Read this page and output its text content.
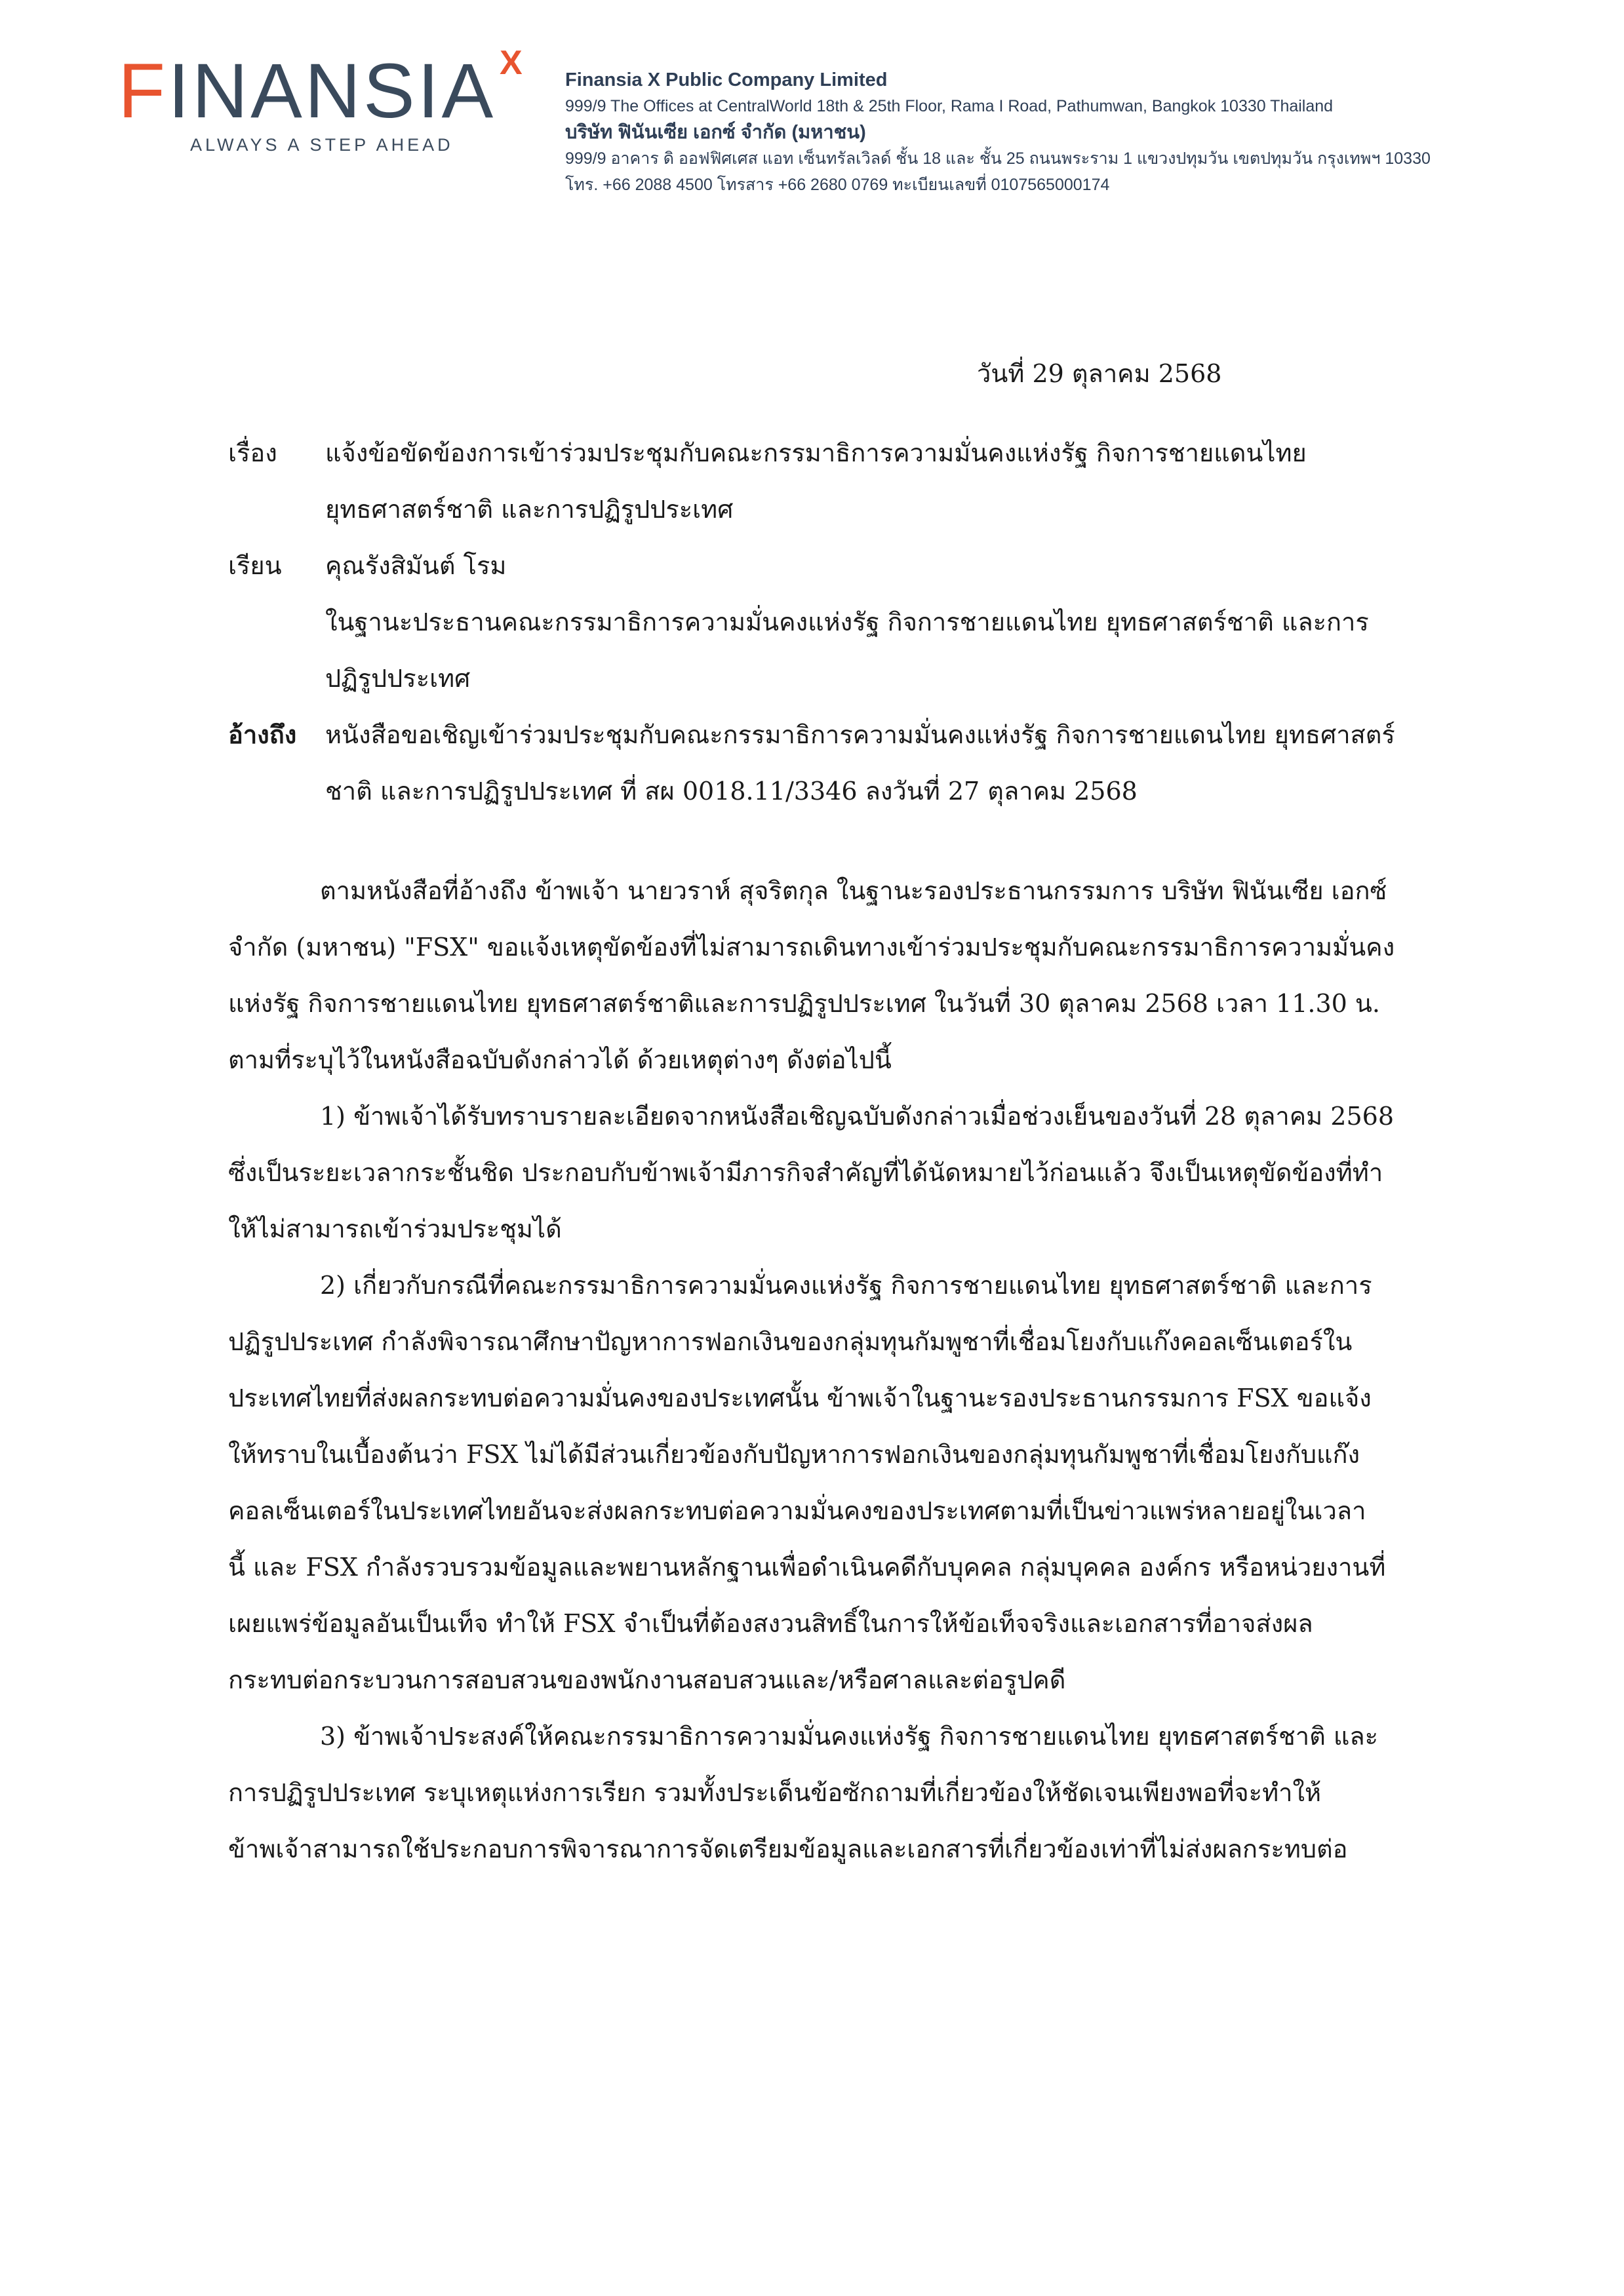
FINANSIA X
ALWAYS A STEP AHEAD
Finansia X Public Company Limited
999/9 The Offices at CentralWorld 18th & 25th Floor, Rama I Road, Pathumwan, Bangkok 10330 Thailand
บริษัท ฟินันเซีย เอกซ์ จำกัด (มหาชน)
999/9 อาคาร ดิ ออฟฟิศเศส แอท เซ็นทรัลเวิลด์ ชั้น 18 และ ชั้น 25 ถนนพระราม 1 แขวงปทุมวัน เขตปทุมวัน กรุงเทพฯ 10330
โทร. +66 2088 4500 โทรสาร +66 2680 0769 ทะเบียนเลขที่ 0107565000174
วันที่ 29 ตุลาคม 2568
เรื่อง แจ้งข้อขัดข้องการเข้าร่วมประชุมกับคณะกรรมาธิการความมั่นคงแห่งรัฐ กิจการชายแดนไทย
ยุทธศาสตร์ชาติ และการปฏิรูปประเทศ
เรียน คุณรังสิมันต์ โรม
ในฐานะประธานคณะกรรมาธิการความมั่นคงแห่งรัฐ กิจการชายแดนไทย ยุทธศาสตร์ชาติ และการ
ปฏิรูปประเทศ
อ้างถึง หนังสือขอเชิญเข้าร่วมประชุมกับคณะกรรมาธิการความมั่นคงแห่งรัฐ กิจการชายแดนไทย ยุทธศาสตร์
ชาติ และการปฏิรูปประเทศ ที่ สผ 0018.11/3346 ลงวันที่ 27 ตุลาคม 2568
ตามหนังสือที่อ้างถึง ข้าพเจ้า นายวราห์ สุจริตกุล ในฐานะรองประธานกรรมการ บริษัท ฟินันเซีย เอกซ์
จำกัด (มหาชน) "FSX" ขอแจ้งเหตุขัดข้องที่ไม่สามารถเดินทางเข้าร่วมประชุมกับคณะกรรมาธิการความมั่นคง
แห่งรัฐ กิจการชายแดนไทย ยุทธศาสตร์ชาติและการปฏิรูปประเทศ ในวันที่ 30 ตุลาคม 2568 เวลา 11.30 น.
ตามที่ระบุไว้ในหนังสือฉบับดังกล่าวได้ ด้วยเหตุต่างๆ ดังต่อไปนี้
1) ข้าพเจ้าได้รับทราบรายละเอียดจากหนังสือเชิญฉบับดังกล่าวเมื่อช่วงเย็นของวันที่ 28 ตุลาคม 2568
ซึ่งเป็นระยะเวลากระชั้นชิด ประกอบกับข้าพเจ้ามีภารกิจสำคัญที่ได้นัดหมายไว้ก่อนแล้ว จึงเป็นเหตุขัดข้องที่ทำ
ให้ไม่สามารถเข้าร่วมประชุมได้
2) เกี่ยวกับกรณีที่คณะกรรมาธิการความมั่นคงแห่งรัฐ กิจการชายแดนไทย ยุทธศาสตร์ชาติ และการ
ปฏิรูปประเทศ กำลังพิจารณาศึกษาปัญหาการฟอกเงินของกลุ่มทุนกัมพูชาที่เชื่อมโยงกับแก๊งคอลเซ็นเตอร์ใน
ประเทศไทยที่ส่งผลกระทบต่อความมั่นคงของประเทศนั้น ข้าพเจ้าในฐานะรองประธานกรรมการ FSX ขอแจ้ง
ให้ทราบในเบื้องต้นว่า FSX ไม่ได้มีส่วนเกี่ยวข้องกับปัญหาการฟอกเงินของกลุ่มทุนกัมพูชาที่เชื่อมโยงกับแก๊ง
คอลเซ็นเตอร์ในประเทศไทยอันจะส่งผลกระทบต่อความมั่นคงของประเทศตามที่เป็นข่าวแพร่หลายอยู่ในเวลา
นี้ และ FSX กำลังรวบรวมข้อมูลและพยานหลักฐานเพื่อดำเนินคดีกับบุคคล กลุ่มบุคคล องค์กร หรือหน่วยงานที่
เผยแพร่ข้อมูลอันเป็นเท็จ ทำให้ FSX จำเป็นที่ต้องสงวนสิทธิ์ในการให้ข้อเท็จจริงและเอกสารที่อาจส่งผล
กระทบต่อกระบวนการสอบสวนของพนักงานสอบสวนและ/หรือศาลและต่อรูปคดี
3) ข้าพเจ้าประสงค์ให้คณะกรรมาธิการความมั่นคงแห่งรัฐ กิจการชายแดนไทย ยุทธศาสตร์ชาติ และ
การปฏิรูปประเทศ ระบุเหตุแห่งการเรียก รวมทั้งประเด็นข้อซักถามที่เกี่ยวข้องให้ชัดเจนเพียงพอที่จะทำให้
ข้าพเจ้าสามารถใช้ประกอบการพิจารณาการจัดเตรียมข้อมูลและเอกสารที่เกี่ยวข้องเท่าที่ไม่ส่งผลกระทบต่อ
